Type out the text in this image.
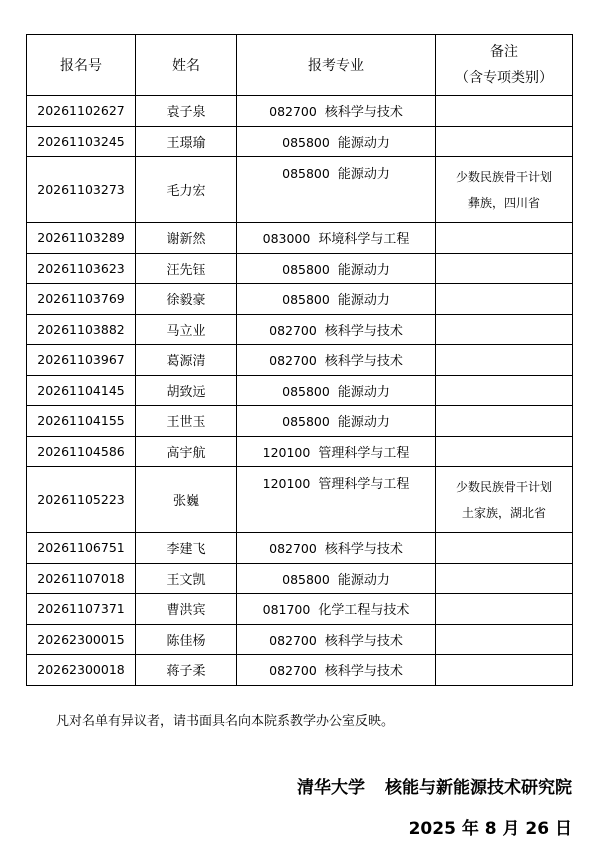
报名号	姓名	报考专业	备注
（含专项类别）

20261102627	袁子泉	082700 核科学与技术	
20261103245	王璟瑜	085800 能源动力	
20261103273	毛力宏	085800 能源动力	少数民族骨干计划
彝族，四川省

20261103289	谢新然	083000 环境科学与工程	
20261103623	汪先钰	085800 能源动力	
20261103769	徐毅豪	085800 能源动力	
20261103882	马立业	082700 核科学与技术	
20261103967	葛源清	082700 核科学与技术	
20261104145	胡致远	085800 能源动力	
20261104155	王世玉	085800 能源动力	
20261104586	高宇航	120100 管理科学与工程	
20261105223	张巍	120100 管理科学与工程	少数民族骨干计划
土家族，湖北省

20261106751	李建飞	082700 核科学与技术	
20261107018	王文凯	085800 能源动力	
20261107371	曹洪宾	081700 化学工程与技术	
20262300015	陈佳杨	082700 核科学与技术	
20262300018	蒋子柔	082700 核科学与技术	
凡对名单有异议者，请书面具名向本院系教学办公室反映。
清华大学 核能与新能源技术研究院
2025 年 8 月 26 日
